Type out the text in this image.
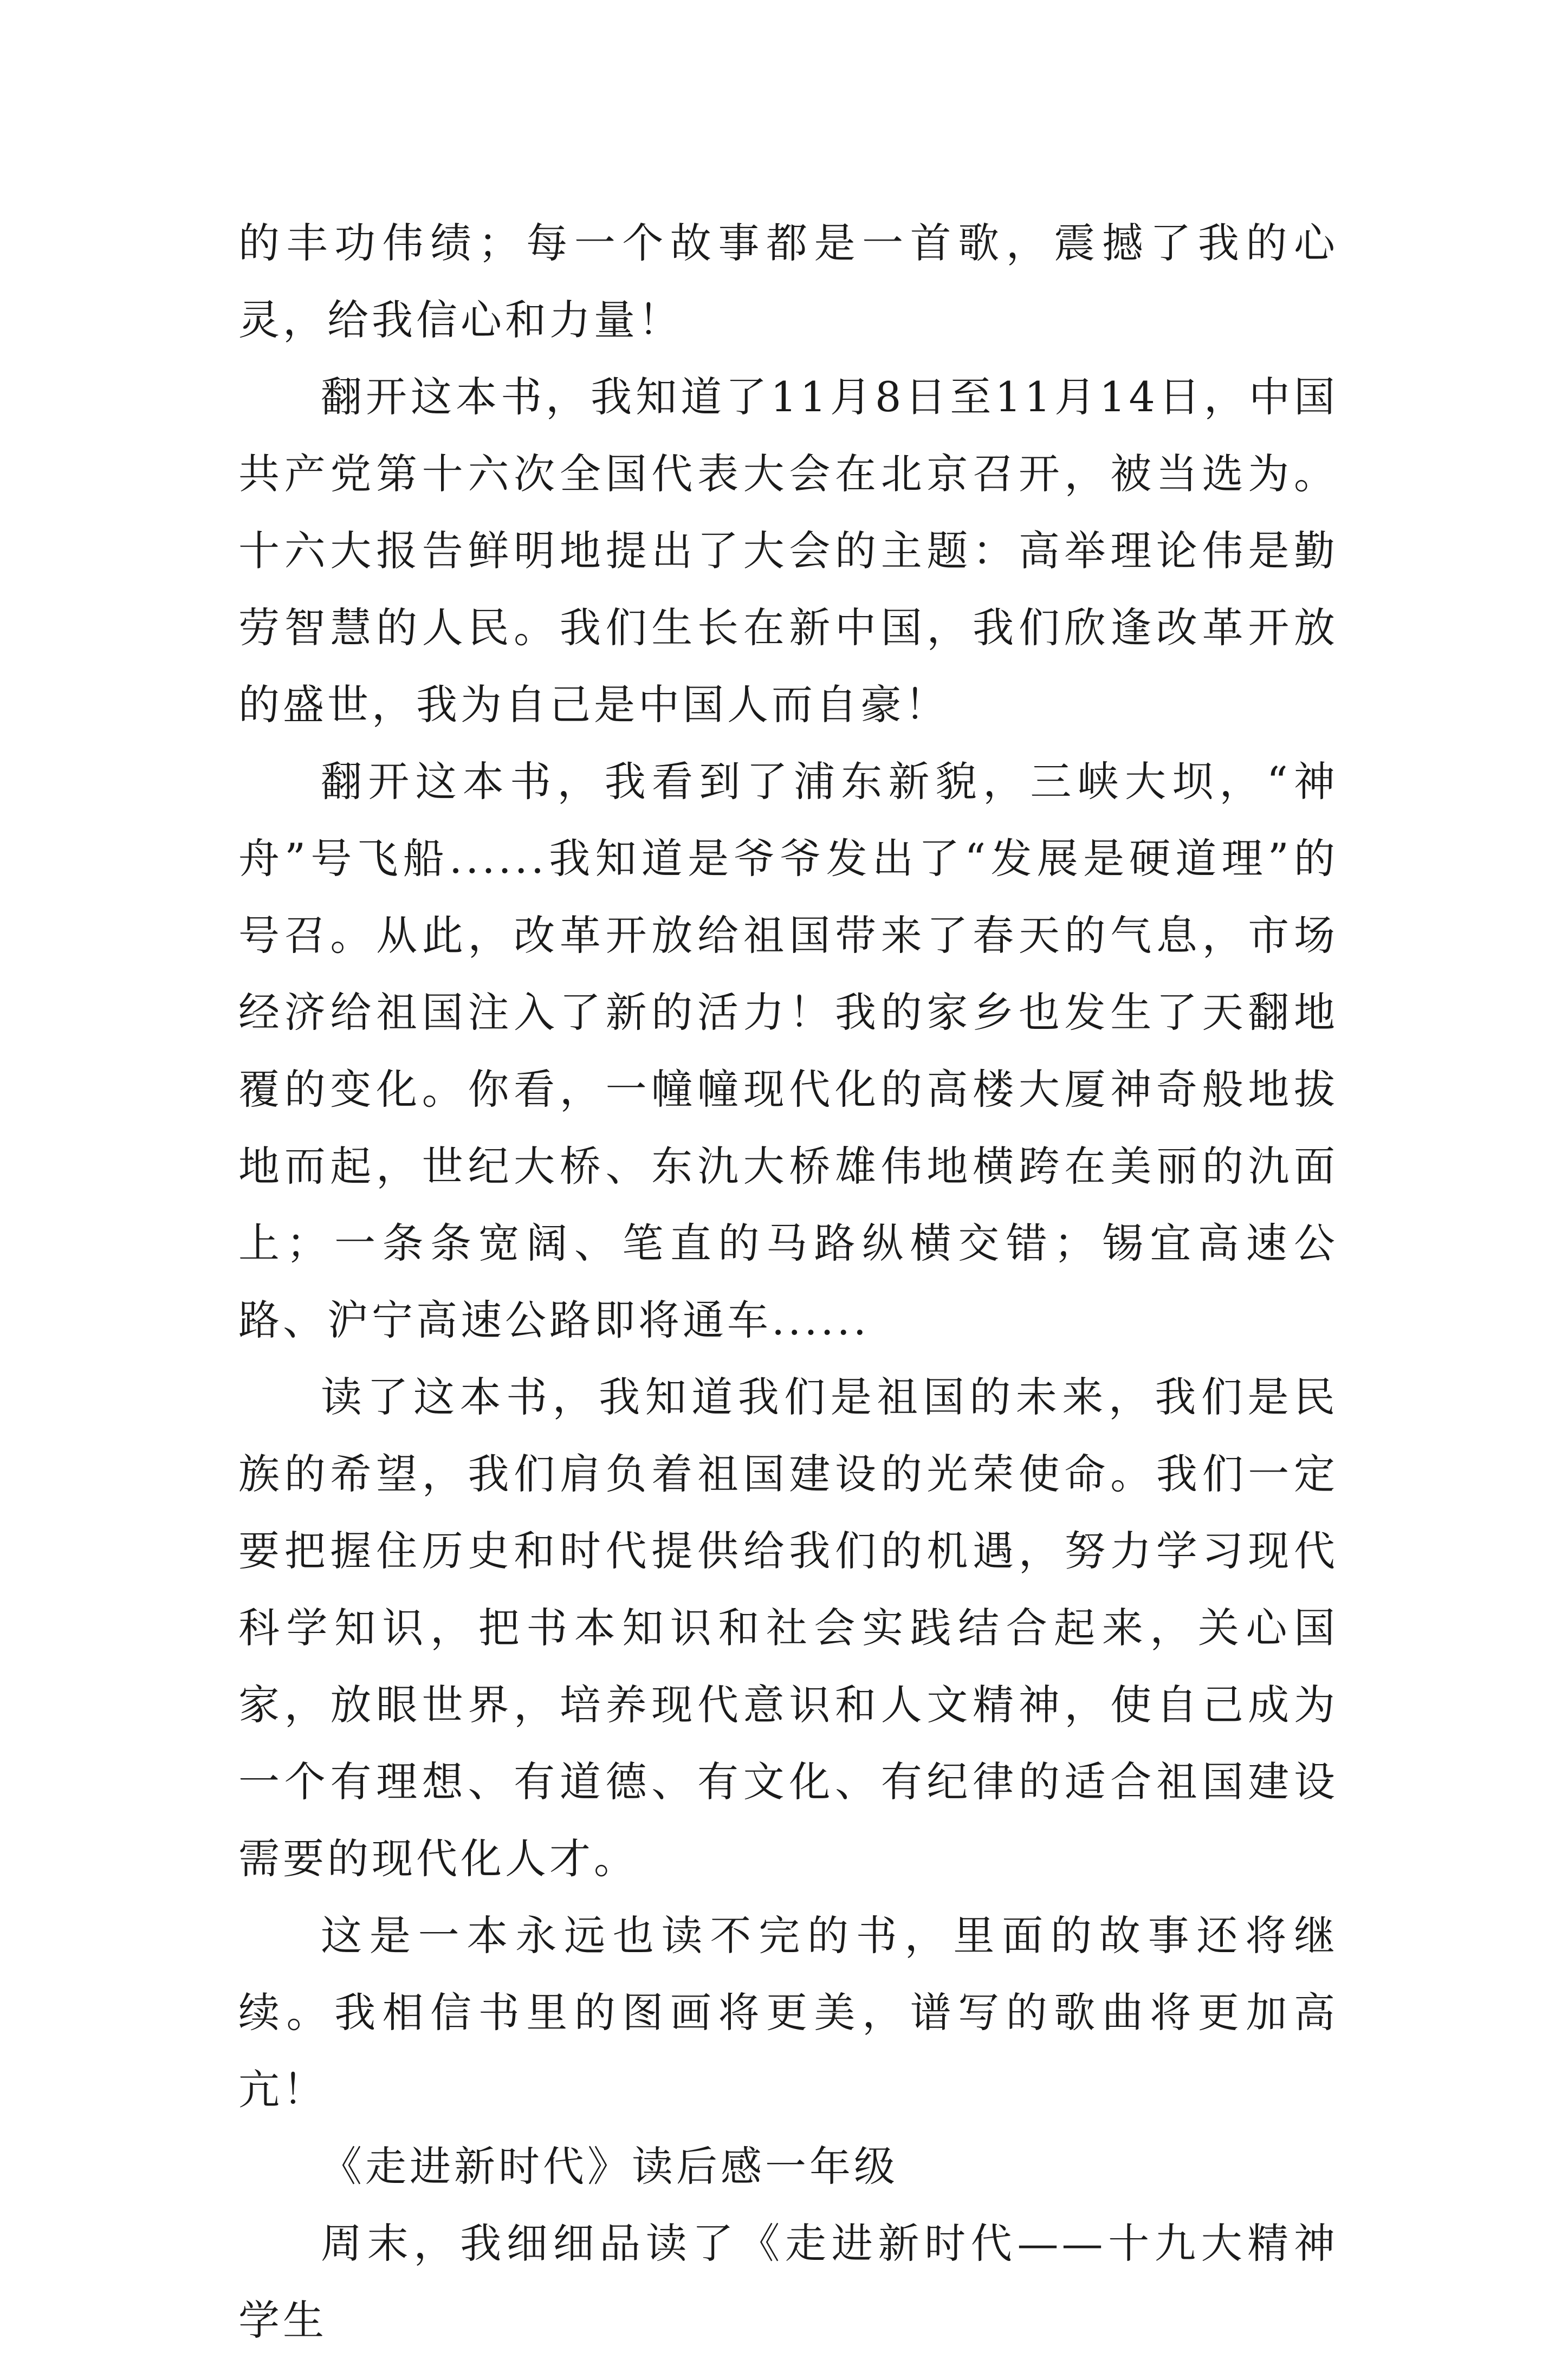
的丰功伟绩；每一个故事都是一首歌，震撼了我的心灵，给我信心和力量！

翻开这本书，我知道了11月8日至11月14日，中国共产党第十六次全国代表大会在北京召开，被当选为。十六大报告鲜明地提出了大会的主题：高举理论伟是勤劳智慧的人民。我们生长在新中国，我们欣逢改革开放的盛世，我为自己是中国人而自豪！

翻开这本书，我看到了浦东新貌，三峡大坝，“神舟”号飞船......我知道是爷爷发出了“发展是硬道理”的号召。从此，改革开放给祖国带来了春天的气息，市场经济给祖国注入了新的活力！我的家乡也发生了天翻地覆的变化。你看，一幢幢现代化的高楼大厦神奇般地拔地而起，世纪大桥、东氿大桥雄伟地横跨在美丽的氿面上；一条条宽阔、笔直的马路纵横交错；锡宜高速公路、沪宁高速公路即将通车......

读了这本书，我知道我们是祖国的未来，我们是民族的希望，我们肩负着祖国建设的光荣使命。我们一定要把握住历史和时代提供给我们的机遇，努力学习现代科学知识，把书本知识和社会实践结合起来，关心国家，放眼世界，培养现代意识和人文精神，使自己成为一个有理想、有道德、有文化、有纪律的适合祖国建设需要的现代化人才。

这是一本永远也读不完的书，里面的故事还将继续。我相信书里的图画将更美，谱写的歌曲将更加高亢！

《走进新时代》读后感一年级

周末，我细细品读了《走进新时代——十九大精神学生
